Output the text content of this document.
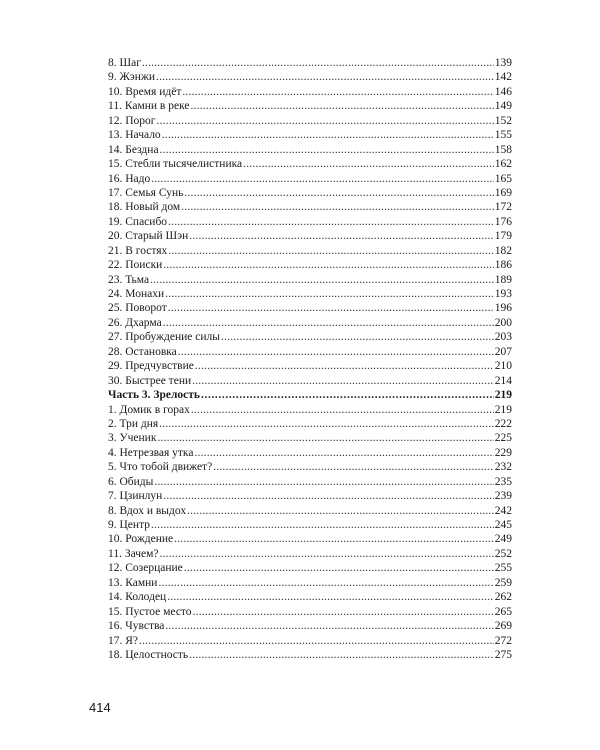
8. Шаг .....	139
9. Жэнжи .....	142
10. Время идёт .....	146
11. Камни в реке .....	149
12. Порог .....	152
13. Начало .....	155
14. Бездна .....	158
15. Стебли тысячелистника .....	162
16. Надо .....	165
17. Семья Сунь .....	169
18. Новый дом .....	172
19. Спасибо .....	176
20. Старый Шэн .....	179
21. В гостях .....	182
22. Поиски .....	186
23. Тьма .....	189
24. Монахи .....	193
25. Поворот .....	196
26. Дхарма .....	200
27. Пробуждение силы .....	203
28. Остановка .....	207
29. Предчувствие .....	210
30. Быстрее тени .....	214
Часть 3. Зрелость .....	219
1. Домик в горах .....	219
2. Три дня .....	222
3. Ученик .....	225
4. Нетрезвая утка .....	229
5. Что тобой движет? .....	232
6. Обиды .....	235
7. Цзинлун .....	239
8. Вдох и выдох .....	242
9. Центр .....	245
10. Рождение .....	249
11. Зачем? .....	252
12. Созерцание .....	255
13. Камни .....	259
14. Колодец .....	262
15. Пустое место .....	265
16. Чувства .....	269
17. Я? .....	272
18. Целостность .....	275
414
